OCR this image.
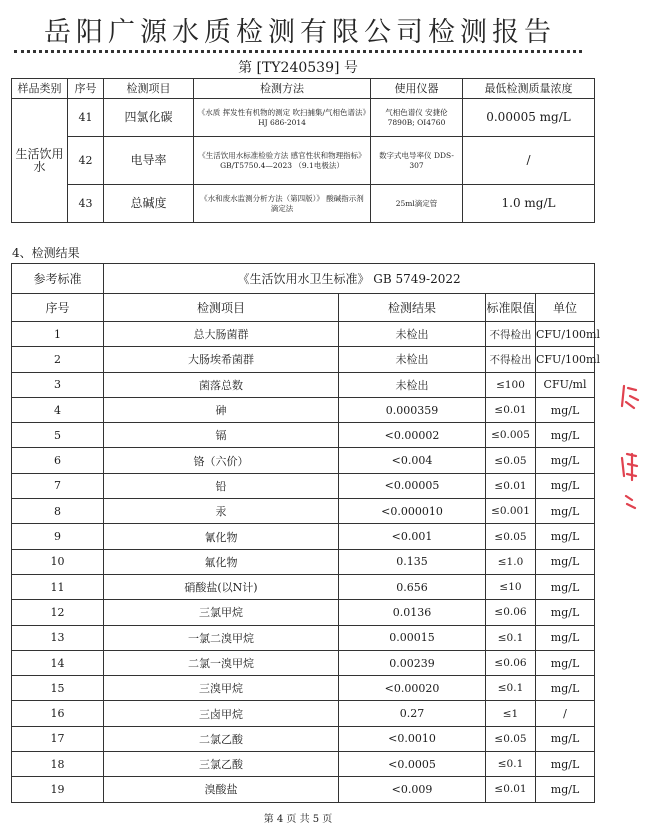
岳阳广源水质检测有限公司检测报告
第 [TY240539] 号
样品类别	序号	检测项目	检测方法	使用仪器	最低检测质量浓度
生活饮用水	41	四氯化碳	《水质 挥发性有机物的测定 吹扫捕集/气相色谱法》HJ 686-2014	气相色谱仪 安捷伦7890B; OI4760	0.00005 mg/L
	42	电导率	《生活饮用水标准检验方法 感官性状和物理指标》GB/T5750.4—2023 （9.1电极法）	数字式电导率仪 DDS-307	/
	43	总碱度	《水和废水监测分析方法（第四版）》 酸碱指示剂滴定法	25ml滴定管	1.0 mg/L
4、检测结果
参考标准	《生活饮用水卫生标准》 GB 5749-2022			
序号	检测项目	检测结果	标准限值	单位
1	总大肠菌群	未检出	不得检出	CFU/100ml
2	大肠埃希菌群	未检出	不得检出	CFU/100ml
3	菌落总数	未检出	≤100	CFU/ml
4	砷	0.000359	≤0.01	mg/L
5	镉	<0.00002	≤0.005	mg/L
6	铬（六价）	<0.004	≤0.05	mg/L
7	铅	<0.00005	≤0.01	mg/L
8	汞	<0.000010	≤0.001	mg/L
9	氰化物	<0.001	≤0.05	mg/L
10	氟化物	0.135	≤1.0	mg/L
11	硝酸盐(以N计)	0.656	≤10	mg/L
12	三氯甲烷	0.0136	≤0.06	mg/L
13	一氯二溴甲烷	0.00015	≤0.1	mg/L
14	二氯一溴甲烷	0.00239	≤0.06	mg/L
15	三溴甲烷	<0.00020	≤0.1	mg/L
16	三卤甲烷	0.27	≤1	/
17	二氯乙酸	<0.0010	≤0.05	mg/L
18	三氯乙酸	<0.0005	≤0.1	mg/L
19	溴酸盐	<0.009	≤0.01	mg/L
第 4 页 共 5 页
